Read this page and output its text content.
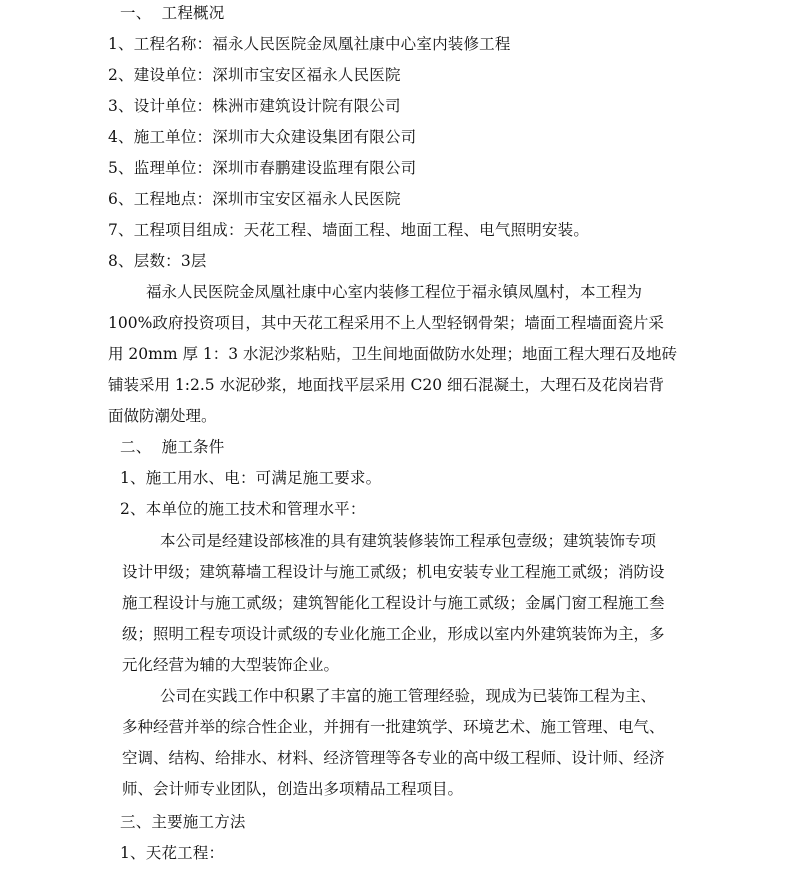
一、  工程概况
1、工程名称：福永人民医院金凤凰社康中心室内装修工程
2、建设单位：深圳市宝安区福永人民医院
3、设计单位：株洲市建筑设计院有限公司
4、施工单位：深圳市大众建设集团有限公司
5、监理单位：深圳市春鹏建设监理有限公司
6、工程地点：深圳市宝安区福永人民医院
7、工程项目组成：天花工程、墙面工程、地面工程、电气照明安装。
8、层数：3层
福永人民医院金凤凰社康中心室内装修工程位于福永镇凤凰村，本工程为
100%政府投资项目，其中天花工程采用不上人型轻钢骨架；墙面工程墙面瓷片采
用 20mm 厚 1：3 水泥沙浆粘贴，卫生间地面做防水处理；地面工程大理石及地砖
铺装采用 1:2.5 水泥砂浆，地面找平层采用 C20 细石混凝土，大理石及花岗岩背
面做防潮处理。
二、  施工条件
1、施工用水、电：可满足施工要求。
2、本单位的施工技术和管理水平：
本公司是经建设部核准的具有建筑装修装饰工程承包壹级；建筑装饰专项
设计甲级；建筑幕墙工程设计与施工贰级；机电安装专业工程施工贰级；消防设
施工程设计与施工贰级；建筑智能化工程设计与施工贰级；金属门窗工程施工叁
级；照明工程专项设计贰级的专业化施工企业，形成以室内外建筑装饰为主，多
元化经营为辅的大型装饰企业。
公司在实践工作中积累了丰富的施工管理经验，现成为已装饰工程为主、
多种经营并举的综合性企业，并拥有一批建筑学、环境艺术、施工管理、电气、
空调、结构、给排水、材料、经济管理等各专业的高中级工程师、设计师、经济
师、会计师专业团队，创造出多项精品工程项目。
三、主要施工方法
1、天花工程：
